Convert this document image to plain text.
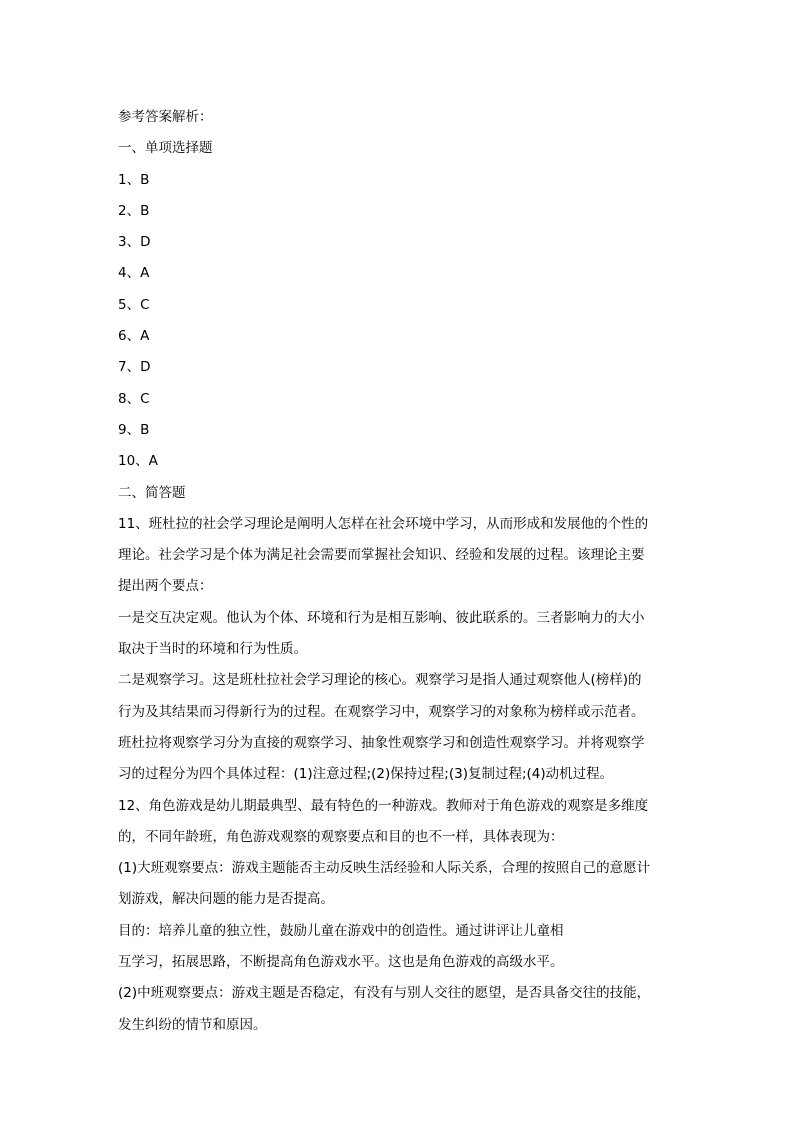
参考答案解析：
一、单项选择题
1、B
2、B
3、D
4、A
5、C
6、A
7、D
8、C
9、B
10、A
二、简答题
11、班杜拉的社会学习理论是阐明人怎样在社会环境中学习，从而形成和发展他的个性的
理论。社会学习是个体为满足社会需要而掌握社会知识、经验和发展的过程。该理论主要
提出两个要点：
一是交互决定观。他认为个体、环境和行为是相互影响、彼此联系的。三者影响力的大小
取决于当时的环境和行为性质。
二是观察学习。这是班杜拉社会学习理论的核心。观察学习是指人通过观察他人(榜样)的
行为及其结果而习得新行为的过程。在观察学习中，观察学习的对象称为榜样或示范者。
班杜拉将观察学习分为直接的观察学习、抽象性观察学习和创造性观察学习。并将观察学
习的过程分为四个具体过程：(1)注意过程;(2)保持过程;(3)复制过程;(4)动机过程。
12、角色游戏是幼儿期最典型、最有特色的一种游戏。教师对于角色游戏的观察是多维度
的，不同年龄班，角色游戏观察的观察要点和目的也不一样，具体表现为：
(1)大班观察要点：游戏主题能否主动反映生活经验和人际关系，合理的按照自己的意愿计
划游戏，解决问题的能力是否提高。
目的：培养儿童的独立性，鼓励儿童在游戏中的创造性。通过讲评让儿童相
互学习，拓展思路，不断提高角色游戏水平。这也是角色游戏的高级水平。
(2)中班观察要点：游戏主题是否稳定，有没有与别人交往的愿望，是否具备交往的技能，
发生纠纷的情节和原因。
